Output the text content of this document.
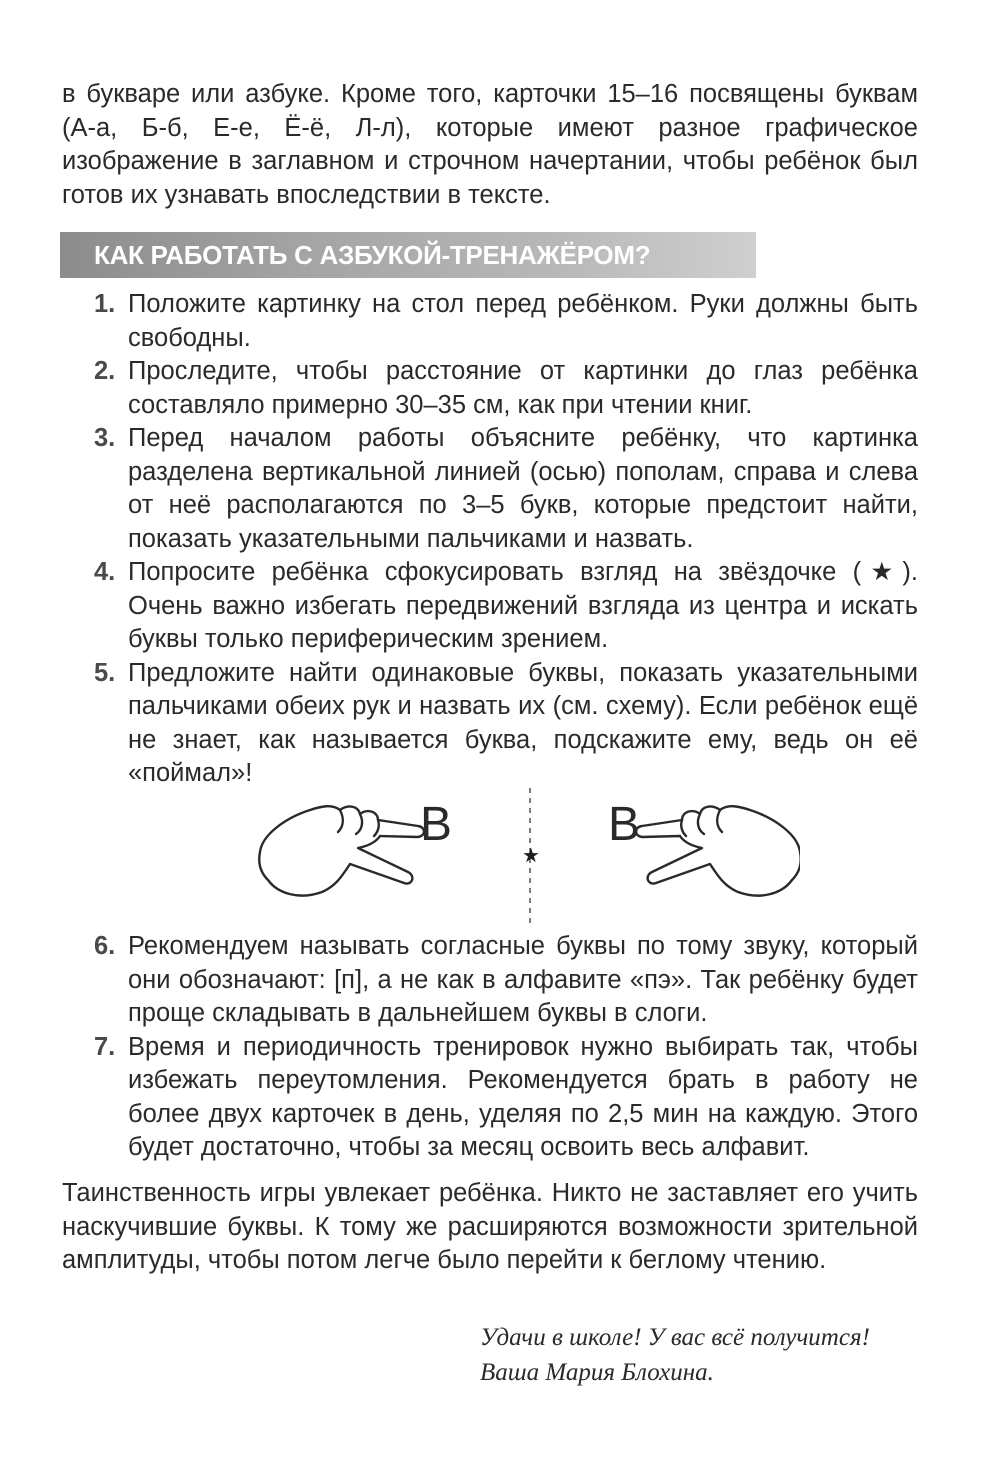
в букваре или азбуке. Кроме того, карточки 15–16 посвящены буквам (А-а, Б-б, Е-е, Ё-ё, Л-л), которые имеют разное графическое изображение в заглавном и строчном начертании, чтобы ребёнок был готов их узнавать впоследствии в тексте.

КАК РАБОТАТЬ С АЗБУКОЙ-ТРЕНАЖЁРОМ?
1. Положите картинку на стол перед ребёнком. Руки должны быть свободны.
2. Проследите, чтобы расстояние от картинки до глаз ребёнка составляло примерно 30–35 см, как при чтении книг.
3. Перед началом работы объясните ребёнку, что картинка разделена вертикальной линией (осью) пополам, справа и слева от неё располагаются по 3–5 букв, которые предстоит найти, показать указательными пальчиками и назвать.
4. Попросите ребёнка сфокусировать взгляд на звёздочке (★). Очень важно избегать передвижений взгляда из центра и искать буквы только периферическим зрением.
5. Предложите найти одинаковые буквы, показать указательными пальчиками обеих рук и назвать их (см. схему). Если ребёнок ещё не знает, как называется буква, подскажите ему, ведь он её «поймал»!
В
★
В
6. Рекомендуем называть согласные буквы по тому звуку, который они обозначают: [п], а не как в алфавите «пэ». Так ребёнку будет проще складывать в дальнейшем буквы в слоги.
7. Время и периодичность тренировок нужно выбирать так, чтобы избежать переутомления. Рекомендуется брать в работу не более двух карточек в день, уделяя по 2,5 мин на каждую. Этого будет достаточно, чтобы за месяц освоить весь алфавит.

Таинственность игры увлекает ребёнка. Никто не заставляет его учить наскучившие буквы. К тому же расширяются возможности зрительной амплитуды, чтобы потом легче было перейти к беглому чтению.

Удачи в школе! У вас всё получится!
Ваша Мария Блохина.
